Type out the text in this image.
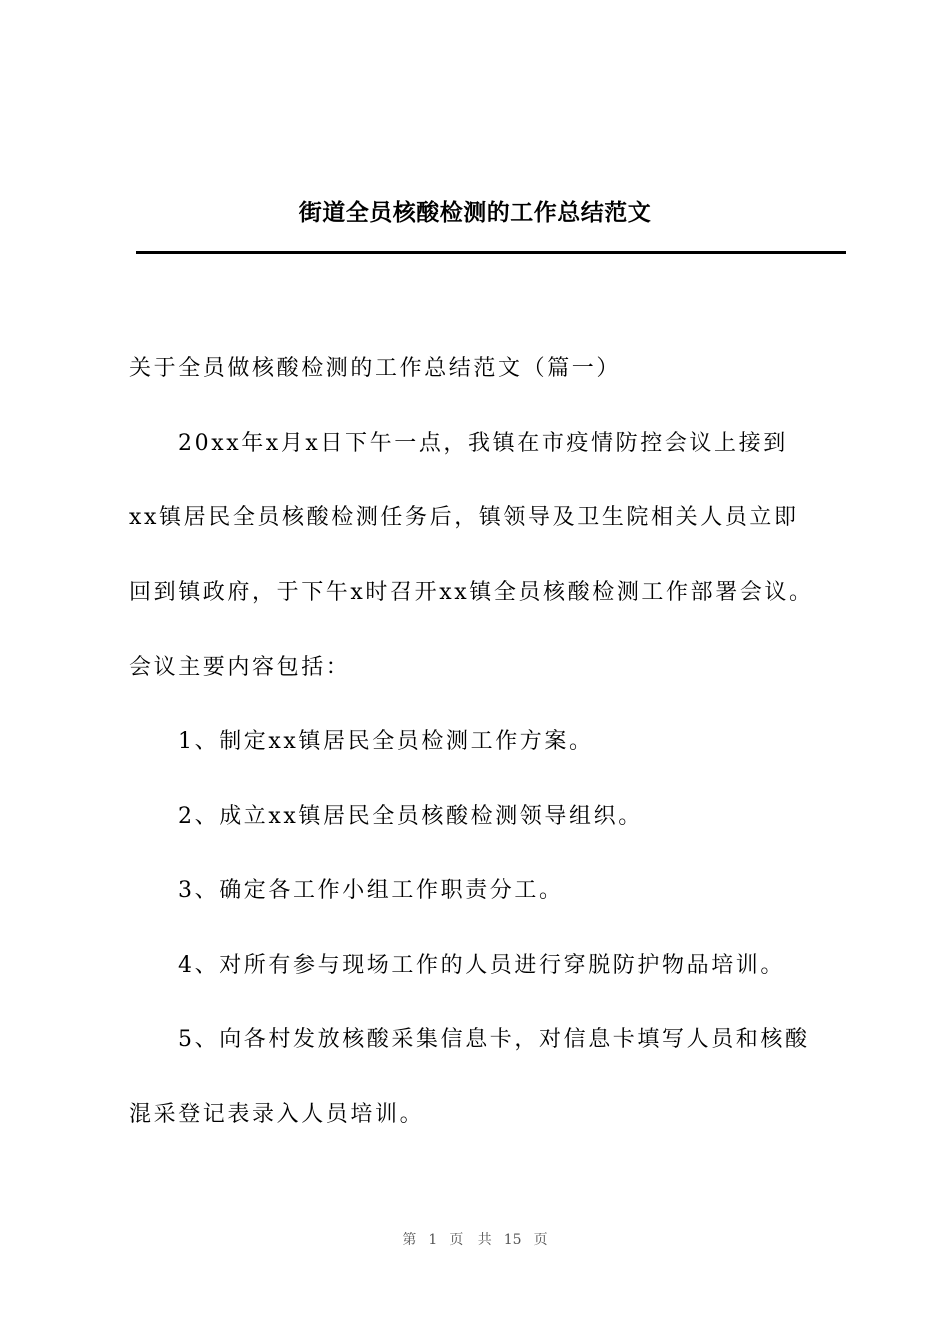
街道全员核酸检测的工作总结范文
关于全员做核酸检测的工作总结范文（篇一）
20xx年x月x日下午一点，我镇在市疫情防控会议上接到
xx镇居民全员核酸检测任务后，镇领导及卫生院相关人员立即
回到镇政府，于下午x时召开xx镇全员核酸检测工作部署会议。
会议主要内容包括：
1、制定xx镇居民全员检测工作方案。
2、成立xx镇居民全员核酸检测领导组织。
3、确定各工作小组工作职责分工。
4、对所有参与现场工作的人员进行穿脱防护物品培训。
5、向各村发放核酸采集信息卡，对信息卡填写人员和核酸
混采登记表录入人员培训。
第 1 页 共 15 页
